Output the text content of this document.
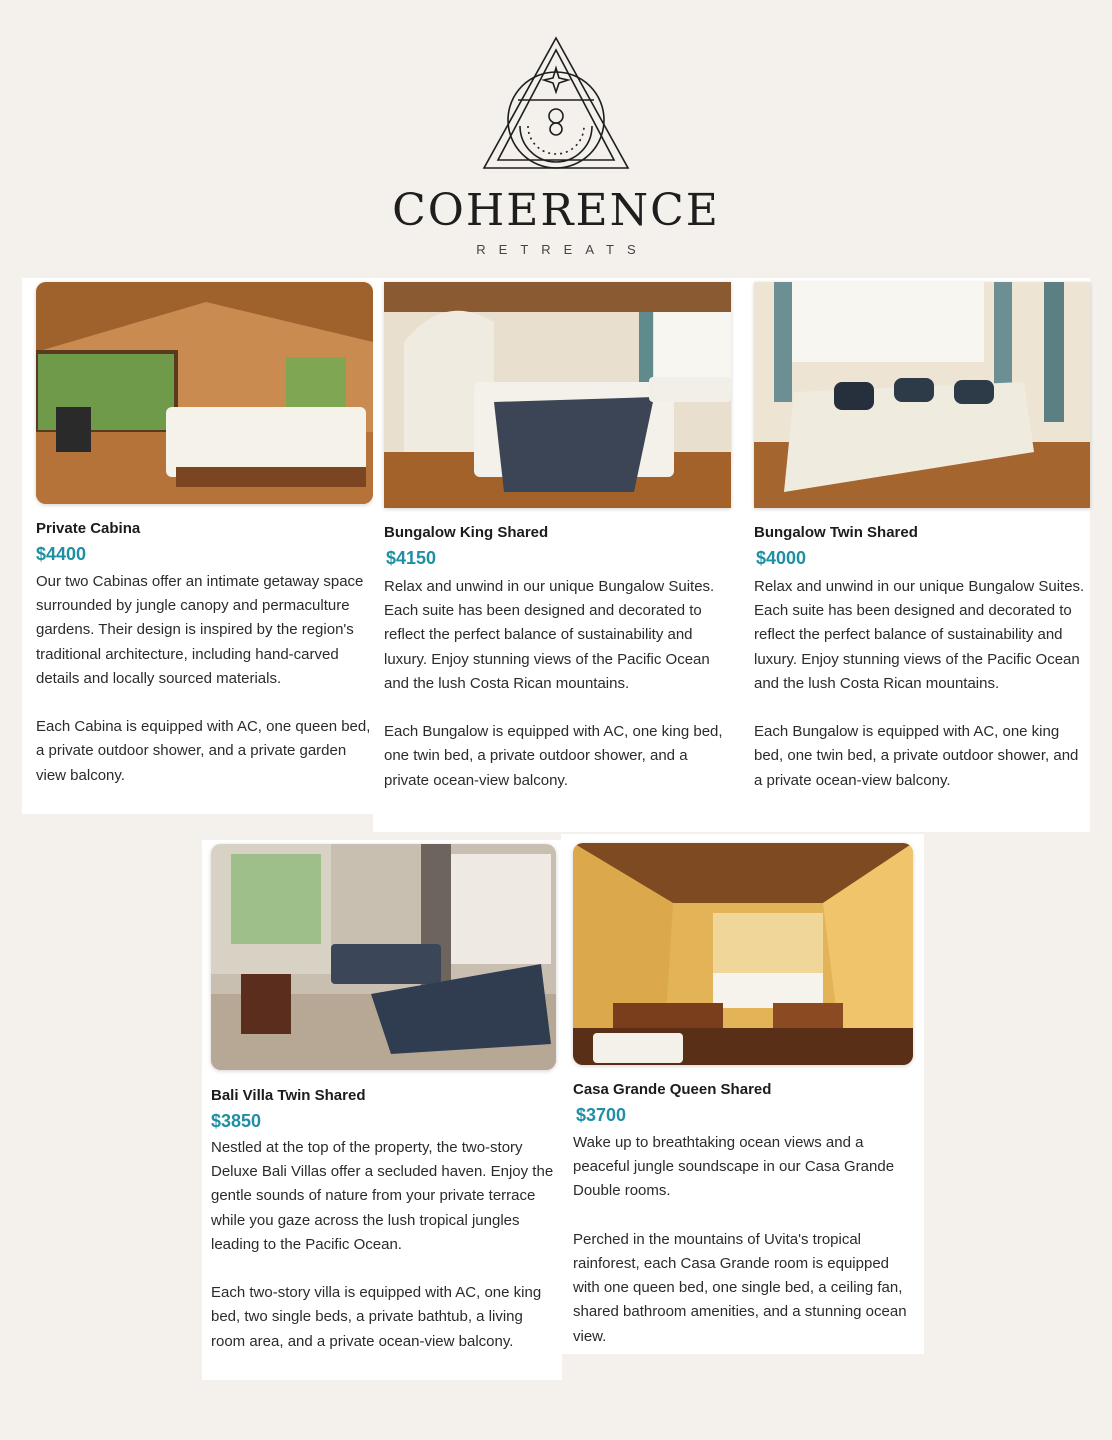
COHERENCE
RETREATS
Private Cabina
$4400
Our two Cabinas offer an intimate getaway space surrounded by jungle canopy and permaculture gardens. Their design is inspired by the region's traditional architecture, including hand-carved details and locally sourced materials.

Each Cabina is equipped with AC, one queen bed, a private outdoor shower, and a private garden view balcony.
Bungalow King Shared
$4150
Relax and unwind in our unique Bungalow Suites. Each suite has been designed and decorated to reflect the perfect balance of sustainability and luxury. Enjoy stunning views of the Pacific Ocean and the lush Costa Rican mountains.

Each Bungalow is equipped with AC, one king bed, one twin bed, a private outdoor shower, and a private ocean-view balcony.
Bungalow Twin Shared
$4000
Relax and unwind in our unique Bungalow Suites. Each suite has been designed and decorated to reflect the perfect balance of sustainability and luxury. Enjoy stunning views of the Pacific Ocean and the lush Costa Rican mountains.

Each Bungalow is equipped with AC, one king bed, one twin bed, a private outdoor shower, and a private ocean-view balcony.
Bali Villa Twin Shared
$3850
Nestled at the top of the property, the two-story Deluxe Bali Villas offer a secluded haven. Enjoy the gentle sounds of nature from your private terrace while you gaze across the lush tropical jungles leading to the Pacific Ocean.

Each two-story villa is equipped with AC, one king bed, two single beds, a private bathtub, a living room area, and a private ocean-view balcony.
Casa Grande Queen Shared
$3700
Wake up to breathtaking ocean views and a peaceful jungle soundscape in our Casa Grande Double rooms.

Perched in the mountains of Uvita's tropical rainforest, each Casa Grande room is equipped with one queen bed, one single bed, a ceiling fan, shared bathroom amenities, and a stunning ocean view.
